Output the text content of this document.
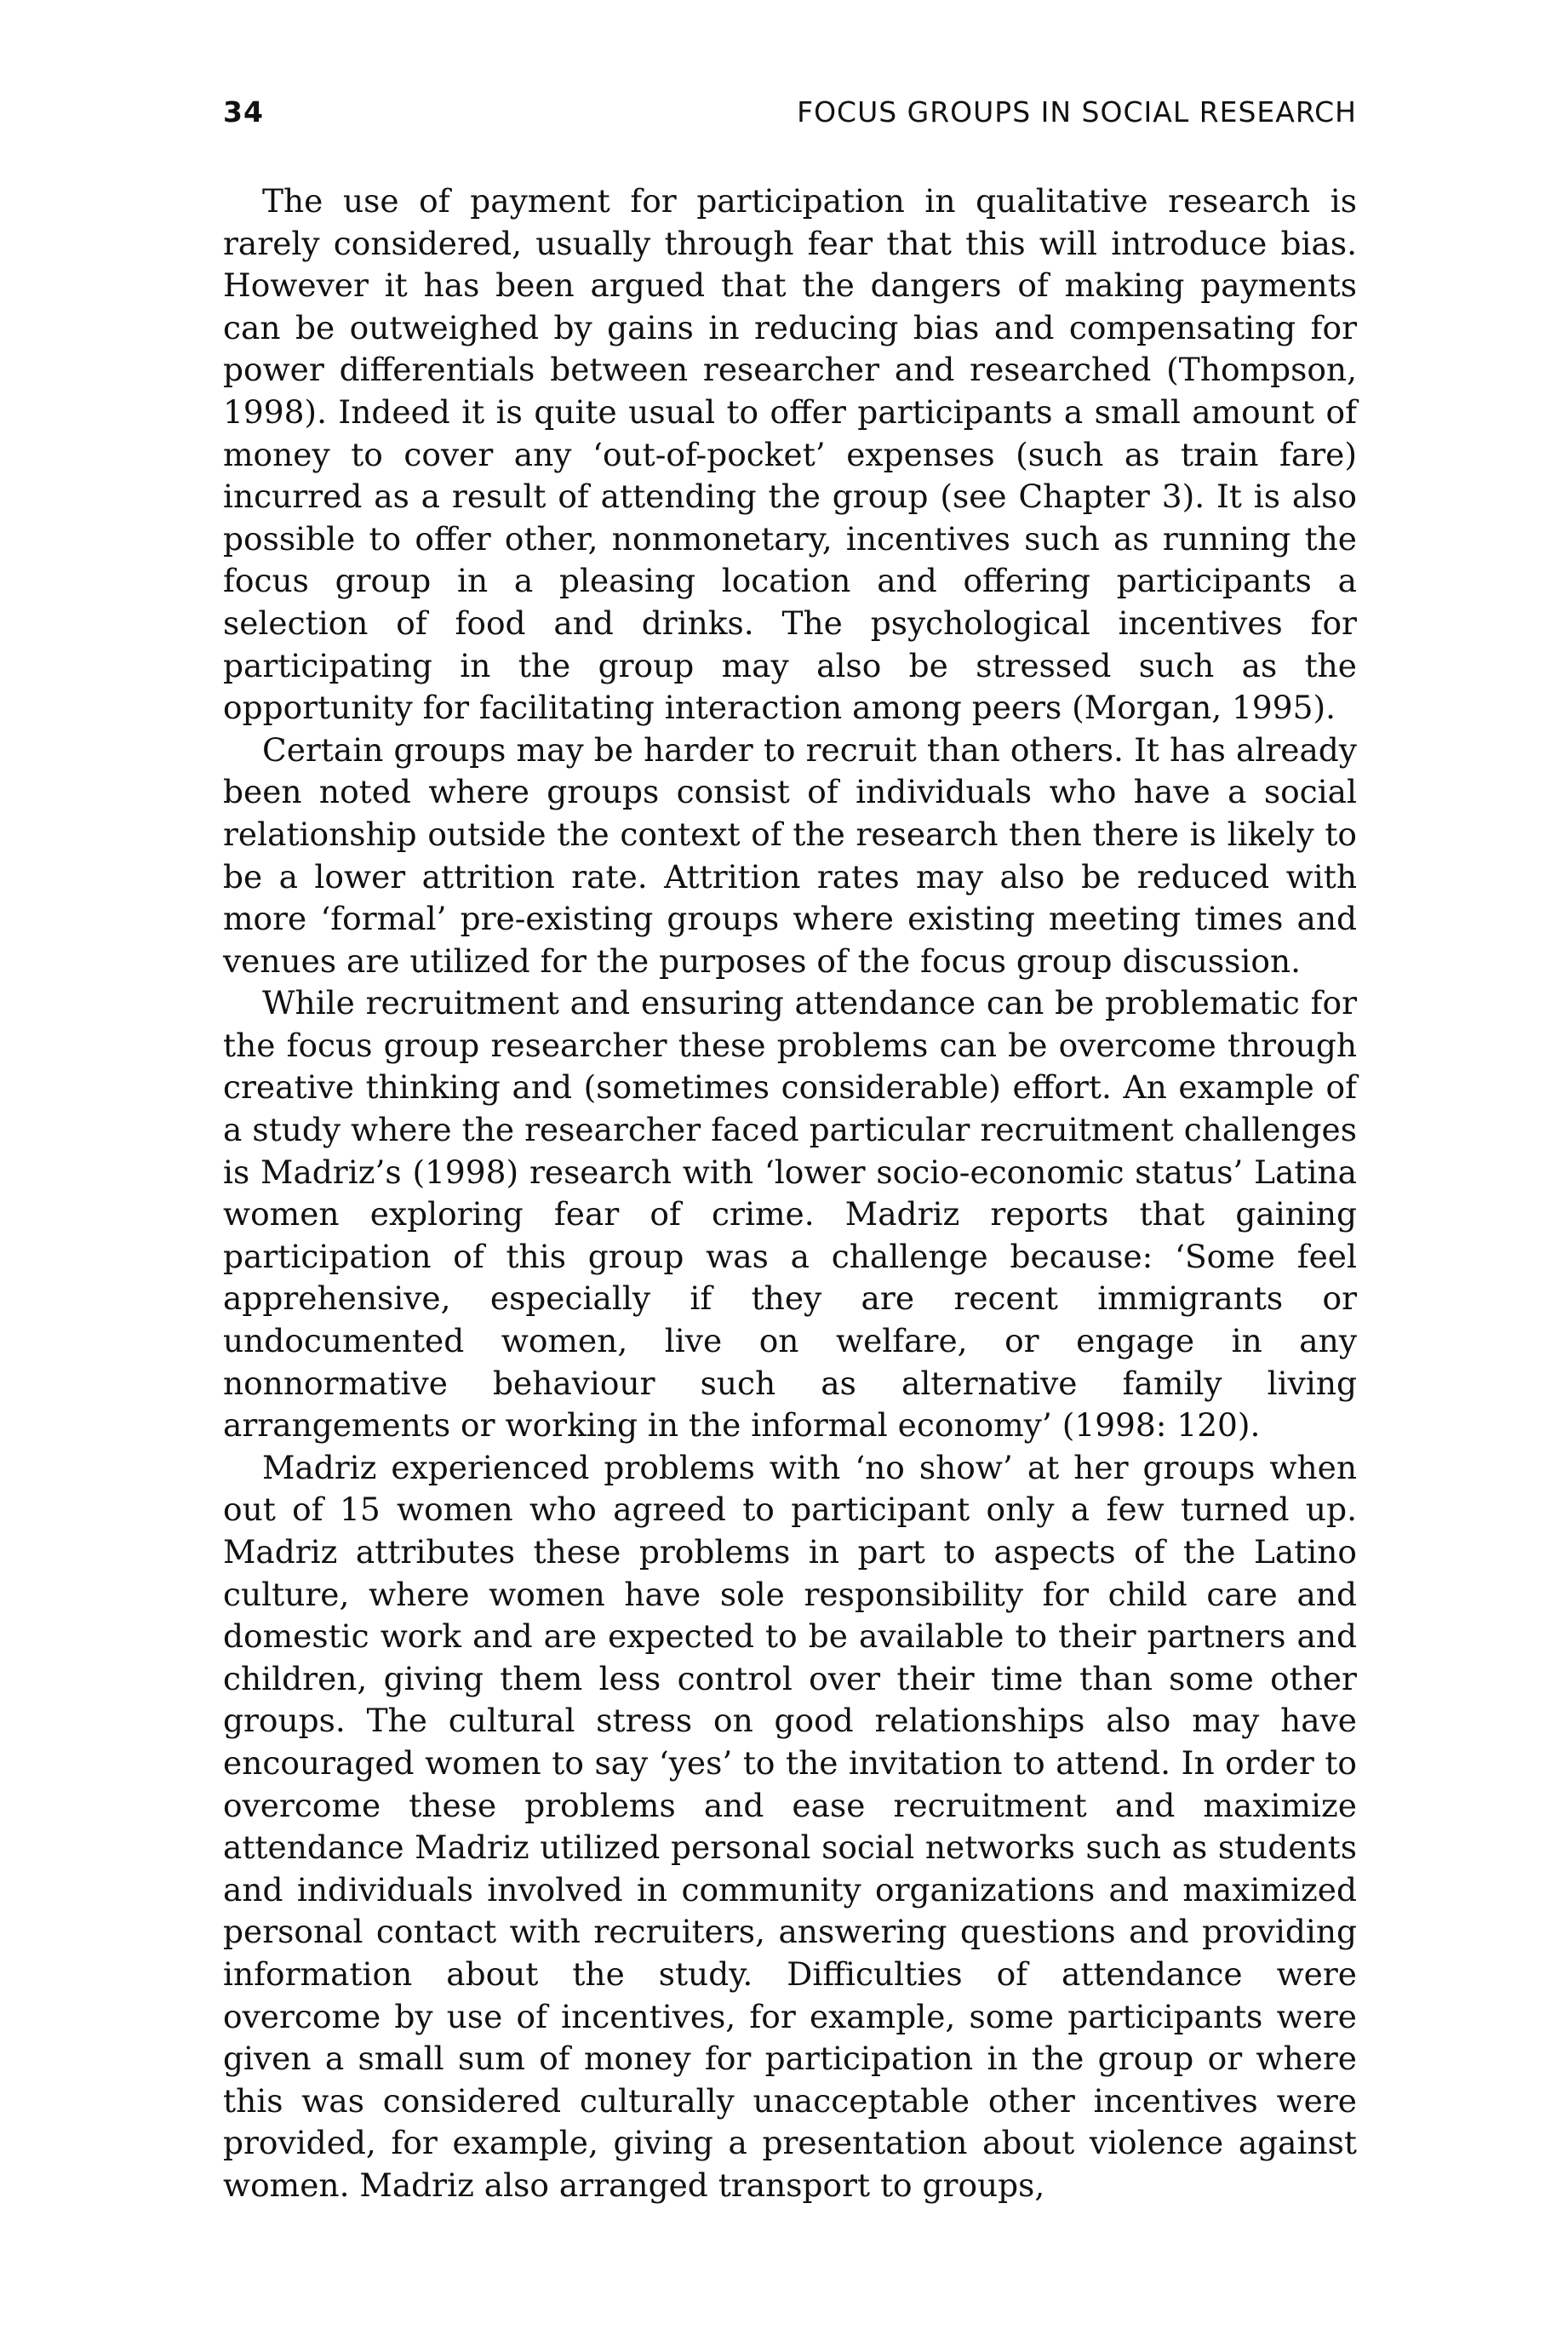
34	FOCUS GROUPS IN SOCIAL RESEARCH

The use of payment for participation in qualitative research is rarely considered, usually through fear that this will introduce bias. However it has been argued that the dangers of making payments can be outweighed by gains in reducing bias and compensating for power differentials between researcher and researched (Thompson, 1998). Indeed it is quite usual to offer participants a small amount of money to cover any ‘out-of-pocket’ expenses (such as train fare) incurred as a result of attending the group (see Chapter 3). It is also possible to offer other, nonmonetary, incentives such as running the focus group in a pleasing location and offering participants a selection of food and drinks. The psychological incentives for participating in the group may also be stressed such as the opportunity for facilitating interaction among peers (Morgan, 1995).

Certain groups may be harder to recruit than others. It has already been noted where groups consist of individuals who have a social relationship outside the context of the research then there is likely to be a lower attrition rate. Attrition rates may also be reduced with more ‘formal’ pre-existing groups where existing meeting times and venues are utilized for the purposes of the focus group discussion.

While recruitment and ensuring attendance can be problematic for the focus group researcher these problems can be overcome through creative thinking and (sometimes considerable) effort. An example of a study where the researcher faced particular recruitment challenges is Madriz’s (1998) research with ‘lower socio-economic status’ Latina women exploring fear of crime. Madriz reports that gaining participation of this group was a challenge because: ‘Some feel apprehensive, especially if they are recent immigrants or undocumented women, live on welfare, or engage in any nonnormative behaviour such as alternative family living arrangements or working in the informal economy’ (1998: 120).

Madriz experienced problems with ‘no show’ at her groups when out of 15 women who agreed to participant only a few turned up. Madriz attributes these problems in part to aspects of the Latino culture, where women have sole responsibility for child care and domestic work and are expected to be available to their partners and children, giving them less control over their time than some other groups. The cultural stress on good relationships also may have encouraged women to say ‘yes’ to the invitation to attend. In order to overcome these problems and ease recruitment and maximize attendance Madriz utilized personal social networks such as students and individuals involved in community organizations and maximized personal contact with recruiters, answering questions and providing information about the study. Difficulties of attendance were overcome by use of incentives, for example, some participants were given a small sum of money for participation in the group or where this was considered culturally unacceptable other incentives were provided, for example, giving a presentation about violence against women. Madriz also arranged transport to groups,
